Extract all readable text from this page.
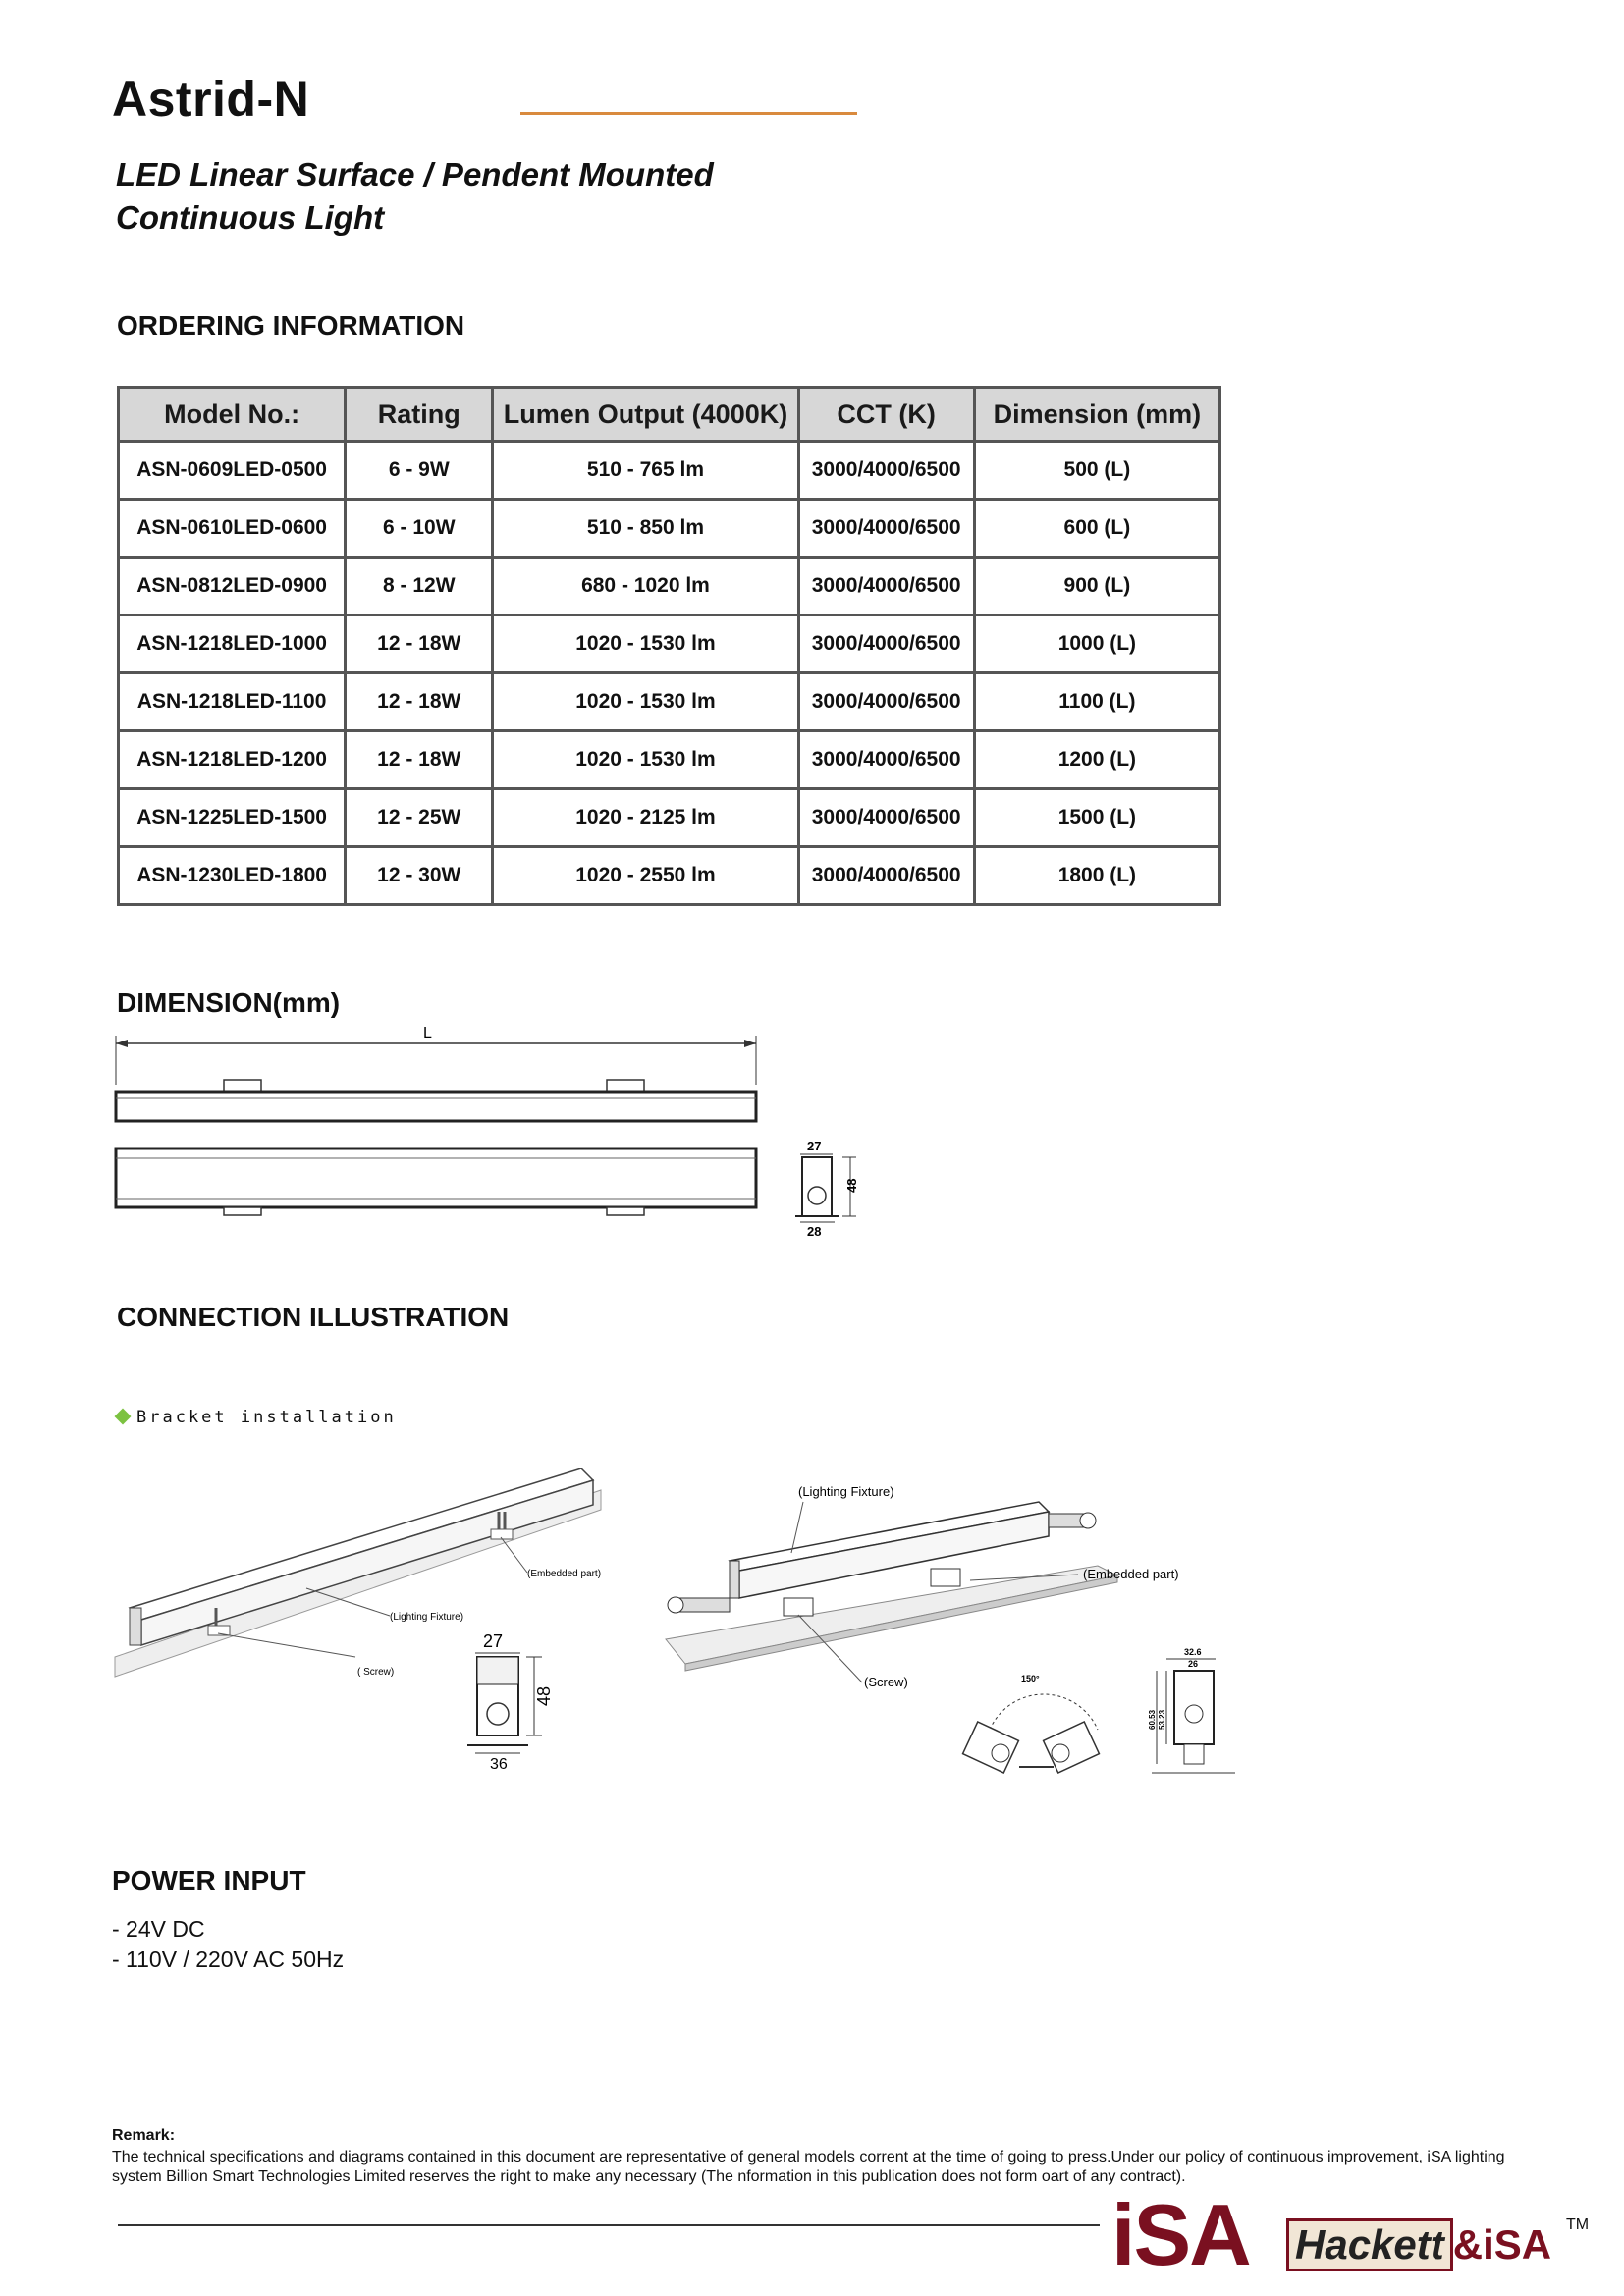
Astrid-N
LED Linear Surface / Pendent Mounted
Continuous Light
ORDERING INFORMATION
Model No.:	Rating	Lumen Output (4000K)	CCT (K)	Dimension (mm)
ASN-0609LED-0500	6 - 9W	510 - 765 lm	3000/4000/6500	500 (L)
ASN-0610LED-0600	6 - 10W	510 - 850 lm	3000/4000/6500	600 (L)
ASN-0812LED-0900	8 - 12W	680 - 1020 lm	3000/4000/6500	900 (L)
ASN-1218LED-1000	12 - 18W	1020 - 1530 lm	3000/4000/6500	1000 (L)
ASN-1218LED-1100	12 - 18W	1020 - 1530 lm	3000/4000/6500	1100 (L)
ASN-1218LED-1200	12 - 18W	1020 - 1530 lm	3000/4000/6500	1200 (L)
ASN-1225LED-1500	12 - 25W	1020 - 2125 lm	3000/4000/6500	1500 (L)
ASN-1230LED-1800	12 - 30W	1020 - 2550 lm	3000/4000/6500	1800 (L)
DIMENSION(mm)
L
27
48
28
CONNECTION ILLUSTRATION
Bracket installation
(Embedded part)
(Lighting Fixture)
( Screw)
27
48
36
(Lighting Fixture)
(Embedded part)
(Screw)	150°
32.6
26
60.53 53.23
POWER INPUT
- 24V DC
- 110V / 220V AC 50Hz
Remark:
The technical specifications and diagrams contained in this document are representative of general models corrent at the time of going to press.Under our policy of continuous improvement, iSA lighting system Billion Smart Technologies Limited reserves the right to make any necessary (The nformation in this publication does not form oart of any contract).
iSA Hackett &iSA TM
